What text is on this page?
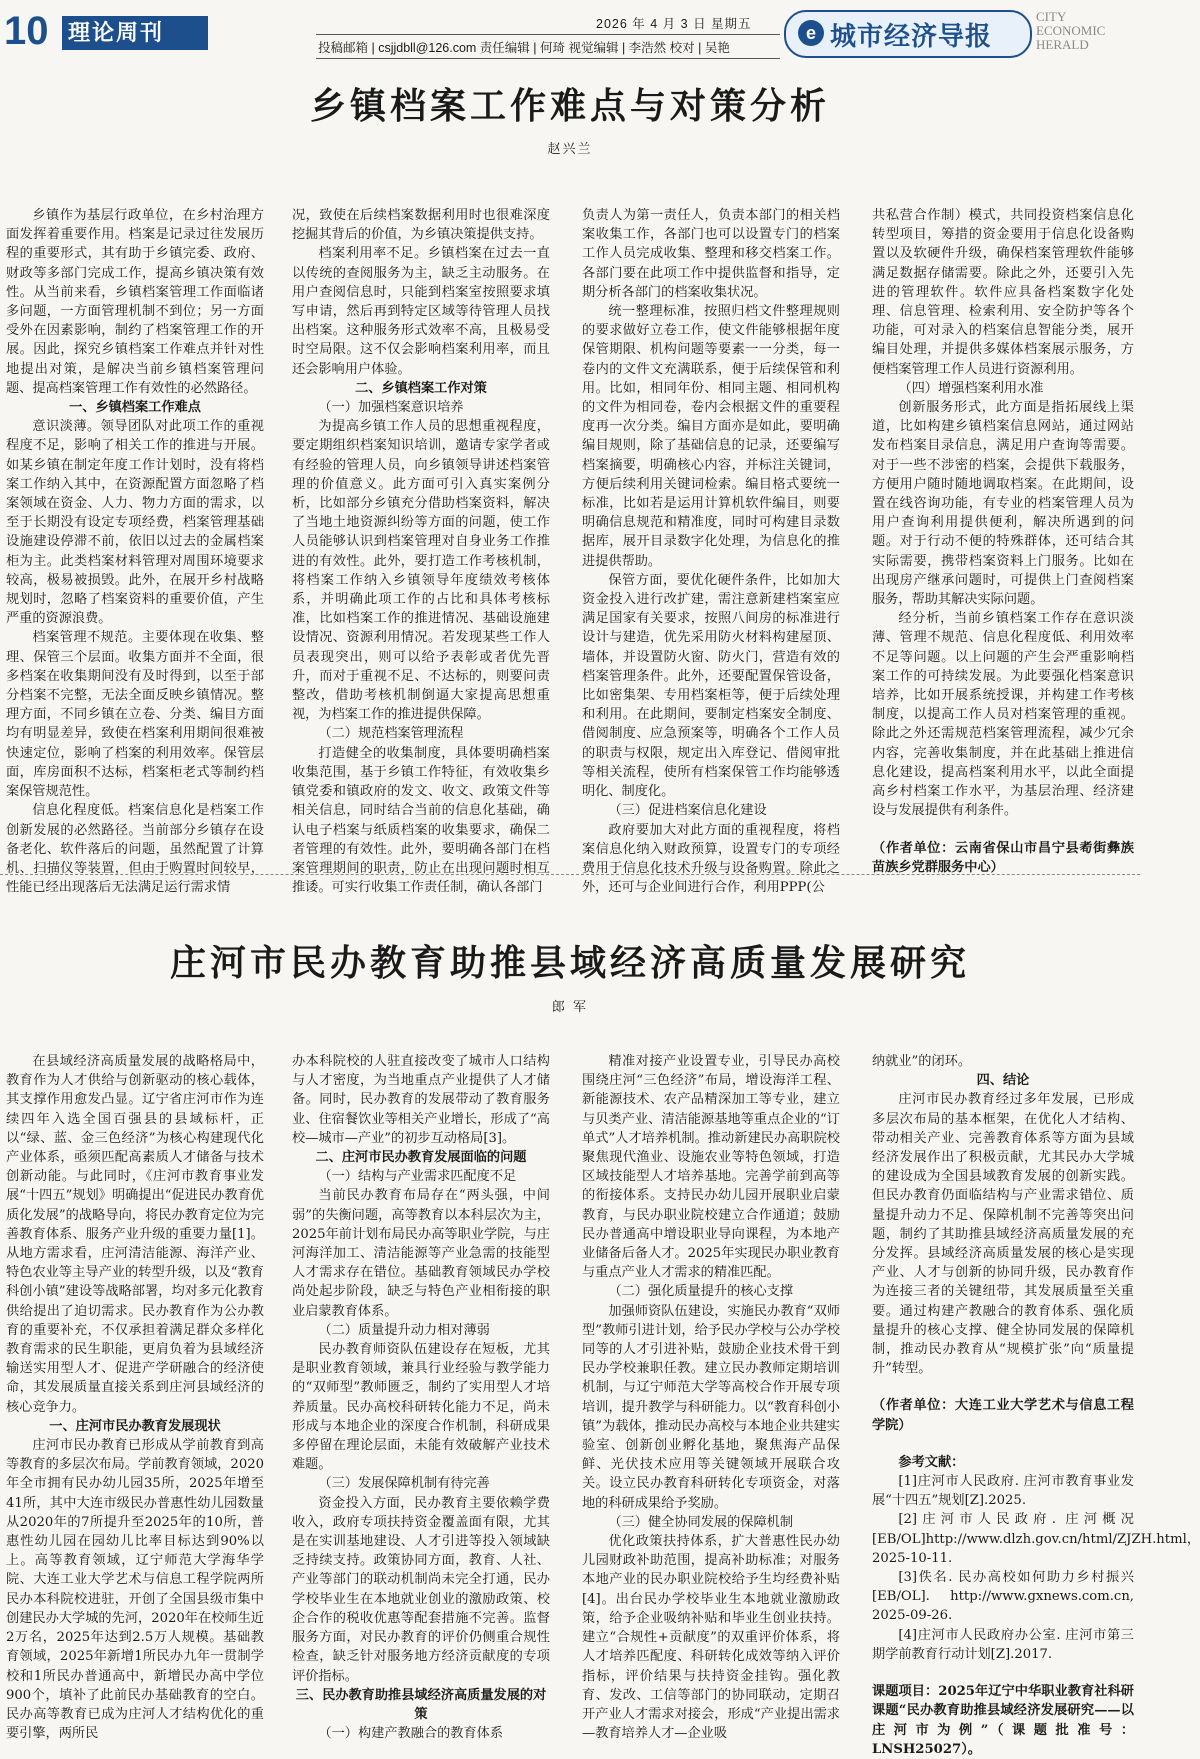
10 理论周刊	2026 年 4 月 3 日 星期五
投稿邮箱 | csjjdbll@126.com 责任编辑 | 何琦 视觉编辑 | 李浩然 校对 | 吴艳
e 城市经济导报
CITY
ECONOMIC
HERALD
乡镇档案工作难点与对策分析
赵兴兰

乡镇作为基层行政单位，在乡村治理方面发挥着重要作用。档案是记录过往发展历程的重要形式，其有助于乡镇完委、政府、财政等多部门完成工作，提高乡镇决策有效性。从当前来看，乡镇档案管理工作面临诸多问题，一方面管理机制不到位；另一方面受外在因素影响，制约了档案管理工作的开展。因此，探究乡镇档案工作难点并针对性地提出对策，是解决当前乡镇档案管理问题、提高档案管理工作有效性的必然路径。

一、乡镇档案工作难点

意识淡薄。领导团队对此项工作的重视程度不足，影响了相关工作的推进与开展。如某乡镇在制定年度工作计划时，没有将档案工作纳入其中，在资源配置方面忽略了档案领域在资金、人力、物力方面的需求，以至于长期没有设定专项经费，档案管理基础设施建设停滞不前，依旧以过去的金属档案柜为主。此类档案材料管理对周围环境要求较高，极易被损毁。此外，在展开乡村战略规划时，忽略了档案资料的重要价值，产生严重的资源浪费。

档案管理不规范。主要体现在收集、整理、保管三个层面。收集方面并不全面，很多档案在收集期间没有及时得到，以至于部分档案不完整，无法全面反映乡镇情况。整理方面，不同乡镇在立卷、分类、编目方面均有明显差异，致使在档案利用期间很难被快速定位，影响了档案的利用效率。保管层面，库房面积不达标，档案柜老式等制约档案保管规范性。

信息化程度低。档案信息化是档案工作创新发展的必然路径。当前部分乡镇存在设备老化、软件落后的问题，虽然配置了计算机、扫描仪等装置，但由于购置时间较早，性能已经出现落后无法满足运行需求情

况，致使在后续档案数据利用时也很难深度挖掘其背后的价值，为乡镇决策提供支持。

档案利用率不足。乡镇档案在过去一直以传统的查阅服务为主，缺乏主动服务。在用户查阅信息时，只能到档案室按照要求填写申请，然后再到特定区域等待管理人员找出档案。这种服务形式效率不高，且极易受时空局限。这不仅会影响档案利用率，而且还会影响用户体验。

二、乡镇档案工作对策
（一）加强档案意识培养

为提高乡镇工作人员的思想重视程度，要定期组织档案知识培训，邀请专家学者或有经验的管理人员，向乡镇领导讲述档案管理的价值意义。此方面可引入真实案例分析，比如部分乡镇充分借助档案资料，解决了当地土地资源纠纷等方面的问题，使工作人员能够认识到档案管理对自身业务工作推进的有效性。此外，要打造工作考核机制，将档案工作纳入乡镇领导年度绩效考核体系，并明确此项工作的占比和具体考核标准，比如档案工作的推进情况、基础设施建设情况、资源利用情况。若发现某些工作人员表现突出，则可以给予表彰或者优先晋升，而对于重视不足、不达标的，则要问责整改，借助考核机制倒逼大家提高思想重视，为档案工作的推进提供保障。

（二）规范档案管理流程

打造健全的收集制度，具体要明确档案收集范围，基于乡镇工作特征，有效收集乡镇党委和镇政府的发文、收文、政策文件等相关信息，同时结合当前的信息化基础，确认电子档案与纸质档案的收集要求，确保二者管理的有效性。此外，要明确各部门在档案管理期间的职责，防止在出现问题时相互推诿。可实行收集工作责任制，确认各部门

负责人为第一责任人，负责本部门的相关档案收集工作，各部门也可以设置专门的档案工作人员完成收集、整理和移交档案工作。各部门要在此项工作中提供监督和指导，定期分析各部门的档案收集状况。

统一整理标准，按照归档文件整理规则的要求做好立卷工作，使文件能够根据年度保管期限、机构问题等要素一一分类，每一卷内的文件文充满联系，便于后续保管和利用。比如，相同年份、相同主题、相同机构的文件为相同卷，卷内会根据文件的重要程度再一次分类。编目方面亦是如此，要明确编目规则，除了基础信息的记录，还要编写档案摘要，明确核心内容，并标注关键词，方便后续利用关键词检索。编目格式要统一标准，比如若是运用计算机软件编目，则要明确信息规范和精准度，同时可构建目录数据库，展开目录数字化处理，为信息化的推进提供帮助。

保管方面，要优化硬件条件，比如加大资金投入进行改扩建，需注意新建档案室应满足国家有关要求，按照八间房的标准进行设计与建造，优先采用防火材料构建屋顶、墙体，并设置防火窗、防火门，营造有效的档案管理条件。此外，还要配置保管设备，比如密集架、专用档案柜等，便于后续处理和利用。在此期间，要制定档案安全制度、借阅制度、应急预案等，明确各个工作人员的职责与权限，规定出入库登记、借阅审批等相关流程，使所有档案保管工作均能够透明化、制度化。

（三）促进档案信息化建设

政府要加大对此方面的重视程度，将档案信息化纳入财政预算，设置专门的专项经费用于信息化技术升级与设备购置。除此之外，还可与企业间进行合作，利用PPP(公

共私营合作制）模式，共同投资档案信息化转型项目，筹措的资金要用于信息化设备购置以及软硬件升级，确保档案管理软件能够满足数据存储需要。除此之外，还要引入先进的管理软件。软件应具备档案数字化处理、信息管理、检索利用、安全防护等各个功能，可对录入的档案信息智能分类，展开编目处理，并提供多媒体档案展示服务，方便档案管理工作人员进行资源利用。

（四）增强档案利用水准

创新服务形式，此方面是指拓展线上渠道，比如构建乡镇档案信息网站，通过网站发布档案目录信息，满足用户查询等需要。对于一些不涉密的档案，会提供下载服务，方便用户随时随地调取档案。在此期间，设置在线咨询功能，有专业的档案管理人员为用户查询利用提供便利，解决所遇到的问题。对于行动不便的特殊群体，还可结合其实际需要，携带档案资料上门服务。比如在出现房产继承问题时，可提供上门查阅档案服务，帮助其解决实际问题。

经分析，当前乡镇档案工作存在意识淡薄、管理不规范、信息化程度低、利用效率不足等问题。以上问题的产生会严重影响档案工作的可持续发展。为此要强化档案意识培养，比如开展系统授课，并构建工作考核制度，以提高工作人员对档案管理的重视。除此之外还需规范档案管理流程，减少冗余内容，完善收集制度，并在此基础上推进信息化建设，提高档案利用水平，以此全面提高乡村档案工作水平，为基层治理、经济建设与发展提供有利条件。

（作者单位：云南省保山市昌宁县耇街彝族苗族乡党群服务中心）

庄河市民办教育助推县域经济高质量发展研究
郎 军

在县域经济高质量发展的战略格局中，教育作为人才供给与创新驱动的核心载体，其支撑作用愈发凸显。辽宁省庄河市作为连续四年入选全国百强县的县域标杆，正以“绿、蓝、金三色经济”为核心构建现代化产业体系，亟须匹配高素质人才储备与技术创新动能。与此同时，《庄河市教育事业发展“十四五”规划》明确提出“促进民办教育优质化发展”的战略导向，将民办教育定位为完善教育体系、服务产业升级的重要力量[1]。从地方需求看，庄河清洁能源、海洋产业、特色农业等主导产业的转型升级，以及“教育科创小镇”建设等战略部署，均对多元化教育供给提出了迫切需求。民办教育作为公办教育的重要补充，不仅承担着满足群众多样化教育需求的民生职能，更肩负着为县域经济输送实用型人才、促进产学研融合的经济使命，其发展质量直接关系到庄河县域经济的核心竞争力。

一、庄河市民办教育发展现状

庄河市民办教育已形成从学前教育到高等教育的多层次布局。学前教育领域，2020年全市拥有民办幼儿园35所，2025年增至41所，其中大连市级民办普惠性幼儿园数量从2020年的7所提升至2025年的10所，普惠性幼儿园在园幼儿比率目标达到90%以上。高等教育领域，辽宁师范大学海华学院、大连工业大学艺术与信息工程学院两所民办本科院校进驻，开创了全国县级市集中创建民办大学城的先河，2020年在校师生近2万名，2025年达到2.5万人规模。基础教育领域，2025年新增1所民办九年一贯制学校和1所民办普通高中，新增民办高中学位900个，填补了此前民办基础教育的空白。民办高等教育已成为庄河人才结构优化的重要引擎，两所民

办本科院校的人驻直接改变了城市人口结构与人才密度，为当地重点产业提供了人才储备。同时，民办教育的发展带动了教育服务业、住宿餐饮业等相关产业增长，形成了“高校—城市—产业”的初步互动格局[3]。

二、庄河市民办教育发展面临的问题
（一）结构与产业需求匹配度不足

当前民办教育布局存在“两头强，中间弱”的失衡问题，高等教育以本科层次为主，2025年前计划布局民办高等职业学院，与庄河海洋加工、清洁能源等产业急需的技能型人才需求存在错位。基础教育领域民办学校尚处起步阶段，缺乏与特色产业相衔接的职业启蒙教育体系。

（二）质量提升动力相对薄弱

民办教育师资队伍建设存在短板，尤其是职业教育领域，兼具行业经验与教学能力的“双师型”教师匮乏，制约了实用型人才培养质量。民办高校科研转化能力不足，尚未形成与本地企业的深度合作机制，科研成果多停留在理论层面，未能有效破解产业技术难题。

（三）发展保障机制有待完善

资金投入方面，民办教育主要依赖学费收入，政府专项扶持资金覆盖面有限，尤其是在实训基地建设、人才引进等投入领域缺乏持续支持。政策协同方面，教育、人社、产业等部门的联动机制尚未完全打通，民办学校毕业生在本地就业创业的激励政策、校企合作的税收优惠等配套措施不完善。监督服务方面，对民办教育的评价仍侧重合规性检查，缺乏针对服务地方经济贡献度的专项评价指标。

三、民办教育助推县域经济高质量发展的对策
（一）构建产教融合的教育体系

精准对接产业设置专业，引导民办高校围绕庄河“三色经济”布局，增设海洋工程、新能源技术、农产品精深加工等专业，建立与贝类产业、清洁能源基地等重点企业的“订单式”人才培养机制。推动新建民办高职院校聚焦现代渔业、设施农业等特色领域，打造区域技能型人才培养基地。完善学前到高等的衔接体系。支持民办幼儿园开展职业启蒙教育，与民办职业院校建立合作通道；鼓励民办普通高中增设职业导向课程，为本地产业储备后备人才。2025年实现民办职业教育与重点产业人才需求的精准匹配。

（二）强化质量提升的核心支撑

加强师资队伍建设，实施民办教育“双师型”教师引进计划，给予民办学校与公办学校同等的人才引进补贴，鼓励企业技术骨干到民办学校兼职任教。建立民办教师定期培训机制，与辽宁师范大学等高校合作开展专项培训，提升教学与科研能力。以“教育科创小镇”为载体，推动民办高校与本地企业共建实验室、创新创业孵化基地，聚焦海产品保鲜、光伏技术应用等关键领域开展联合攻关。设立民办教育科研转化专项资金，对落地的科研成果给予奖励。

（三）健全协同发展的保障机制

优化政策扶持体系，扩大普惠性民办幼儿园财政补助范围，提高补助标准；对服务本地产业的民办职业院校给予生均经费补贴[4]。出台民办学校毕业生本地就业激励政策，给予企业吸纳补贴和毕业生创业扶持。建立“合规性+贡献度”的双重评价体系，将人才培养匹配度、科研转化成效等纳入评价指标，评价结果与扶持资金挂钩。强化教育、发改、工信等部门的协同联动，定期召开产业人才需求对接会，形成“产业提出需求—教育培养人才—企业吸

纳就业”的闭环。

四、结论

庄河市民办教育经过多年发展，已形成多层次布局的基本框架，在优化人才结构、带动相关产业、完善教育体系等方面为县域经济发展作出了积极贡献，尤其民办大学城的建设成为全国县域教育发展的创新实践。但民办教育仍面临结构与产业需求错位、质量提升动力不足、保障机制不完善等突出问题，制约了其助推县域经济高质量发展的充分发挥。县域经济高质量发展的核心是实现产业、人才与创新的协同升级，民办教育作为连接三者的关键纽带，其发展质量至关重要。通过构建产教融合的教育体系、强化质量提升的核心支撑、健全协同发展的保障机制，推动民办教育从“规模扩张”向“质量提升”转型。

（作者单位：大连工业大学艺术与信息工程学院）

参考文献：

[1]庄河市人民政府. 庄河市教育事业发展“十四五”规划[Z].2025.

[2]庄河市人民政府. 庄河概况[EB/OL]http://www.dlzh.gov.cn/html/ZJZH.html，2025-10-11.

[3]佚名. 民办高校如何助力乡村振兴[EB/OL]. http://www.gxnews.com.cn, 2025-09-26.

[4]庄河市人民政府办公室. 庄河市第三期学前教育行动计划[Z].2017.

课题项目：2025年辽宁中华职业教育社科研课题“民办教育助推县域经济发展研究——以庄河市为例”（课题批准号：LNSH25027）。
